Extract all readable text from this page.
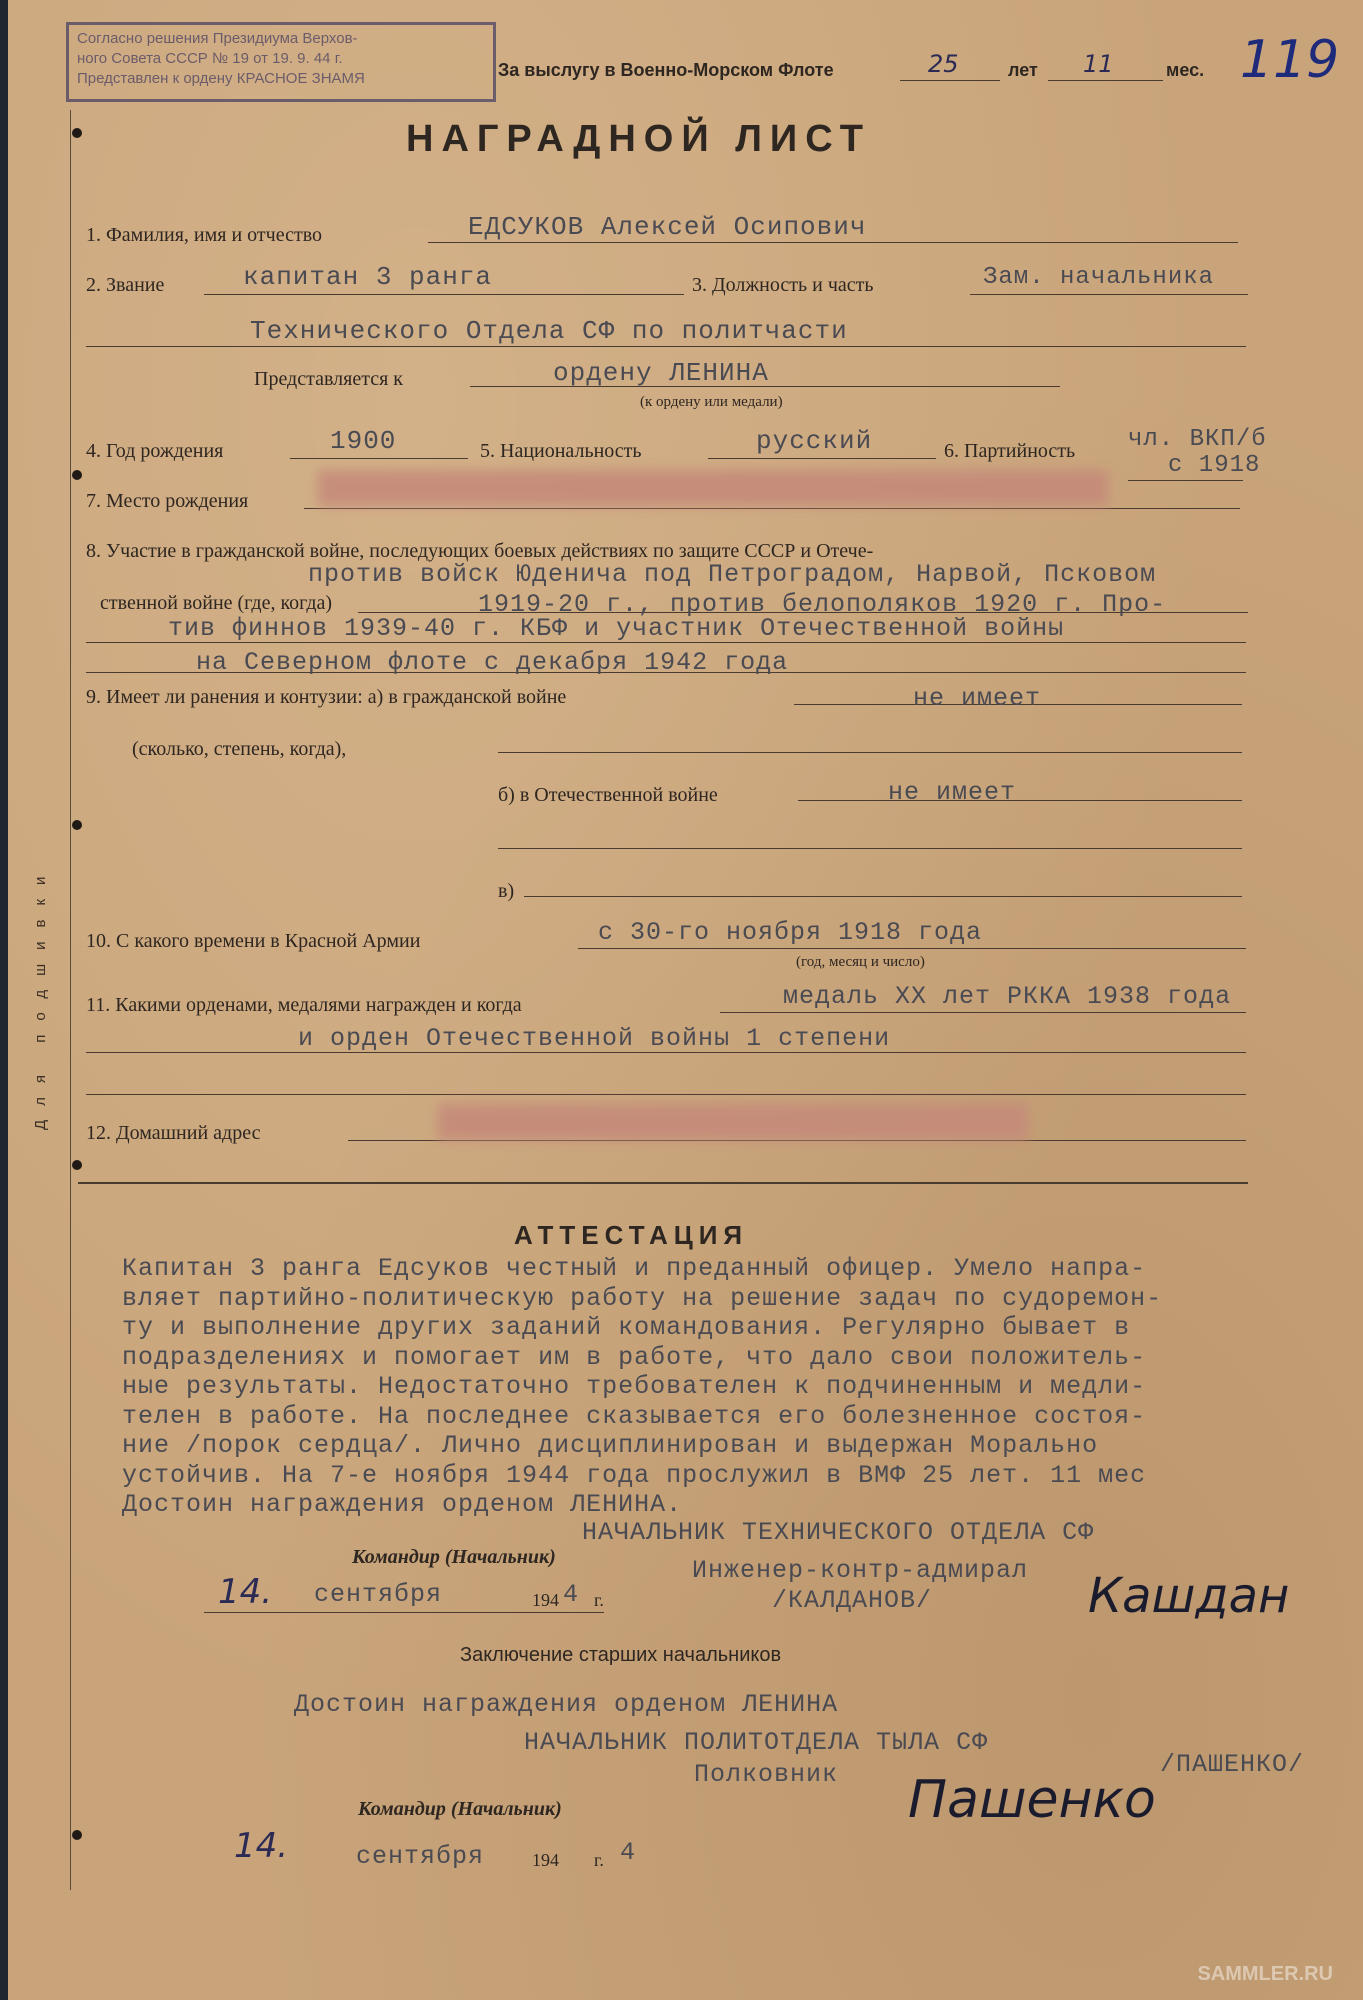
Для подшивки
Согласно решения Президиума Верхов-
ного Совета СССР № 19 от 19. 9. 44 г.
Представлен к ордену КРАСНОЕ ЗНАМЯ	За выслугу в Военно-Морском Флоте	25	лет 11	мес. 119
НАГРАДНОЙ ЛИСТ
1. Фамилия, имя и отчество	ЕДСУКОВ Алексей Осипович
2. Звание	капитан 3 ранга	3. Должность и часть	Зам. начальника
Технического Отдела СФ по политчасти
Представляется к	ордену ЛЕНИНА
(к ордену или медали)
4. Год рождения	1900	5. Национальность	русский	6. Партийность чл. ВКП/б
с 1918
7. Место рождения
8. Участие в гражданской войне, последующих боевых действиях по защите СССР и Отече-
ственной войне (где, когда)
против войск Юденича под Петроградом, Нарвой, Псковом
1919-20 г., против белополяков 1920 г. Про-
тив финнов 1939-40 г. КБФ и участник Отечественной войны
на Северном флоте с декабря 1942 года
9. Имеет ли ранения и контузии: а) в гражданской войне	не имеет
(сколько, степень, когда),
б) в Отечественной войне	не имеет
в)
10. С какого времени в Красной Армии	с 30-го ноября 1918 года
(год, месяц и число)
11. Какими орденами, медалями награжден и когда	медаль XX лет РККА 1938 года
и орден Отечественной войны 1 степени
12. Домашний адрес
АТТЕСТАЦИЯ
Капитан 3 ранга Едсуков честный и преданный офицер. Умело напра-
вляет партийно-политическую работу на решение задач по судоремон-
ту и выполнение других заданий командования. Регулярно бывает в
подразделениях и помогает им в работе, что дало свои положитель-
ные результаты. Недостаточно требователен к подчиненным и медли-
телен в работе. На последнее сказывается его болезненное состоя-
ние /порок сердца/. Лично дисциплинирован и выдержан Морально
устойчив. На 7-е ноября 1944 года прослужил в ВМФ 25 лет. 11 мес
Достоин награждения орденом ЛЕНИНА.
НАЧАЛЬНИК ТЕХНИЧЕСКОГО ОТДЕЛА СФ
Инженер-контр-адмирал
/КАЛДАНОВ/
Командир (Начальник)
14. сентября	194 4 г.	Кашдан
Заключение старших начальников
Достоин награждения орденом ЛЕНИНА
НАЧАЛЬНИК ПОЛИТОТДЕЛА ТЫЛА СФ
Полковник	/ПАШЕНКО/
Командир (Начальник)
14.	сентября	194 г. 4
Пашенко
SAMMLER.RU
